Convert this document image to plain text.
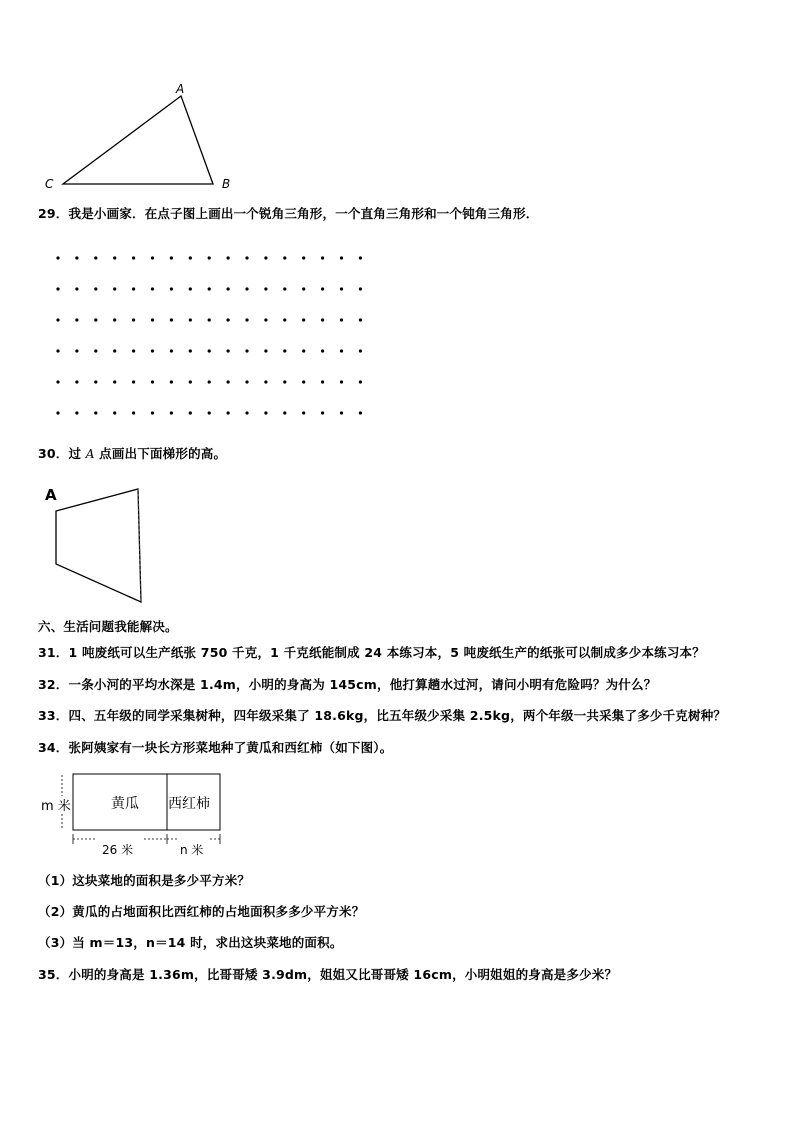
A
B
C
29．我是小画家．在点子图上画出一个锐角三角形，一个直角三角形和一个钝角三角形．
30．过 A 点画出下面梯形的高。
A
六、生活问题我能解决。
31．1 吨废纸可以生产纸张 750 千克，1 千克纸能制成 24 本练习本，5 吨废纸生产的纸张可以制成多少本练习本？
32．一条小河的平均水深是 1.4m，小明的身高为 145cm，他打算趟水过河，请问小明有危险吗？为什么？
33．四、五年级的同学采集树种，四年级采集了 18.6kg，比五年级少采集 2.5kg，两个年级一共采集了多少千克树种？
34．张阿姨家有一块长方形菜地种了黄瓜和西红柿（如下图）。
m 米	黄瓜 西红柿
26 米	n 米
（1）这块菜地的面积是多少平方米？
（2）黄瓜的占地面积比西红柿的占地面积多多少平方米？
（3）当 m＝13，n＝14 时，求出这块菜地的面积。
35．小明的身高是 1.36m，比哥哥矮 3.9dm，姐姐又比哥哥矮 16cm，小明姐姐的身高是多少米？
